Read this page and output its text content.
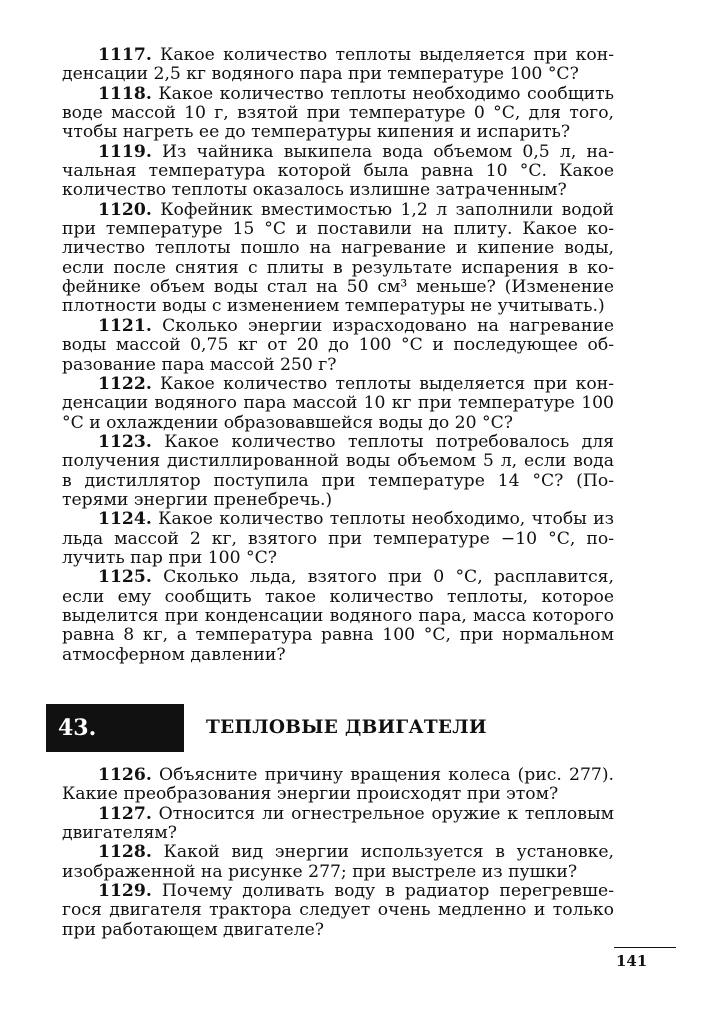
1117. Какое количество теплоты выделяется при конденсации 2,5 кг водяного пара при температуре 100 °С?

1118. Какое количество теплоты необходимо сообщить воде массой 10 г, взятой при температуре 0 °С, для того, чтобы нагреть ее до температуры кипения и испарить?

1119. Из чайника выкипела вода объемом 0,5 л, начальная температура которой была равна 10 °С. Какое количество теплоты оказалось излишне затраченным?

1120. Кофейник вместимостью 1,2 л заполнили водой при температуре 15 °С и поставили на плиту. Какое количество теплоты пошло на нагревание и кипение воды, если после снятия с плиты в результате испарения в кофейнике объем воды стал на 50 см³ меньше? (Изменение плотности воды с изменением температуры не учитывать.)

1121. Сколько энергии израсходовано на нагревание воды массой 0,75 кг от 20 до 100 °С и последующее образование пара массой 250 г?

1122. Какое количество теплоты выделяется при конденсации водяного пара массой 10 кг при температуре 100 °С и охлаждении образовавшейся воды до 20 °С?

1123. Какое количество теплоты потребовалось для получения дистиллированной воды объемом 5 л, если вода в дистиллятор поступила при температуре 14 °С? (Потерями энергии пренебречь.)

1124. Какое количество теплоты необходимо, чтобы из льда массой 2 кг, взятого при температуре −10 °С, получить пар при 100 °С?

1125. Сколько льда, взятого при 0 °С, расплавится, если ему сообщить такое количество теплоты, которое выделится при конденсации водяного пара, масса которого равна 8 кг, а температура равна 100 °С, при нормальном атмосферном давлении?

43.	ТЕПЛОВЫЕ ДВИГАТЕЛИ

1126. Объясните причину вращения колеса (рис. 277). Какие преобразования энергии происходят при этом?

1127. Относится ли огнестрельное оружие к тепловым двигателям?

1128. Какой вид энергии используется в установке, изображенной на рисунке 277; при выстреле из пушки?

1129. Почему доливать воду в радиатор перегревшегося двигателя трактора следует очень медленно и только при работающем двигателе?

141
